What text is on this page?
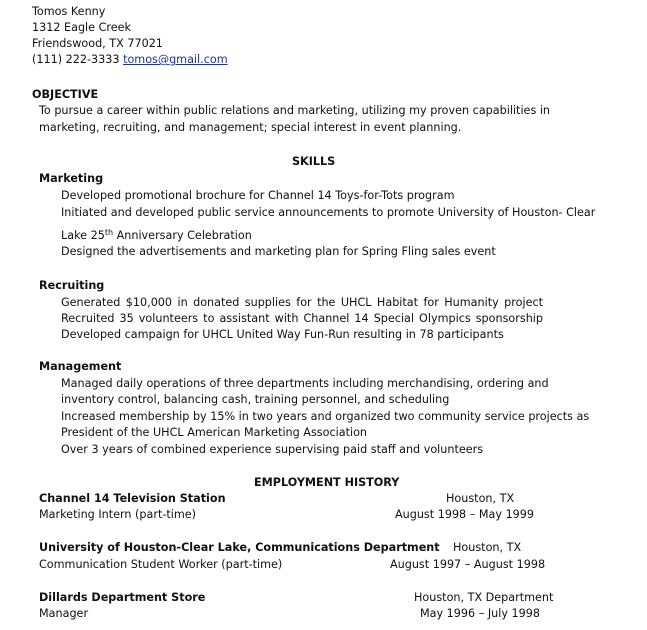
Tomos Kenny
1312 Eagle Creek
Friendswood, TX 77021
(111) 222-3333 tomos@gmail.com
OBJECTIVE
To pursue a career within public relations and marketing, utilizing my proven capabilities in
marketing, recruiting, and management; special interest in event planning.
SKILLS
Marketing
Developed promotional brochure for Channel 14 Toys-for-Tots program
Initiated and developed public service announcements to promote University of Houston- Clear
Lake 25th Anniversary Celebration
Designed the advertisements and marketing plan for Spring Fling sales event
Recruiting
Generated $10,000 in donated supplies for the UHCL Habitat for Humanity project
Recruited 35 volunteers to assistant with Channel 14 Special Olympics sponsorship
Developed campaign for UHCL United Way Fun-Run resulting in 78 participants
Management
Managed daily operations of three departments including merchandising, ordering and
inventory control, balancing cash, training personnel, and scheduling
Increased membership by 15% in two years and organized two community service projects as
President of the UHCL American Marketing Association
Over 3 years of combined experience supervising paid staff and volunteers
EMPLOYMENT HISTORY
Channel 14 Television Station	Houston, TX
Marketing Intern (part-time)	August 1998 – May 1999
University of Houston-Clear Lake, Communications Department Houston, TX
Communication Student Worker (part-time)	August 1997 – August 1998
Dillards Department Store	Houston, TX Department
Manager	May 1996 – July 1998
